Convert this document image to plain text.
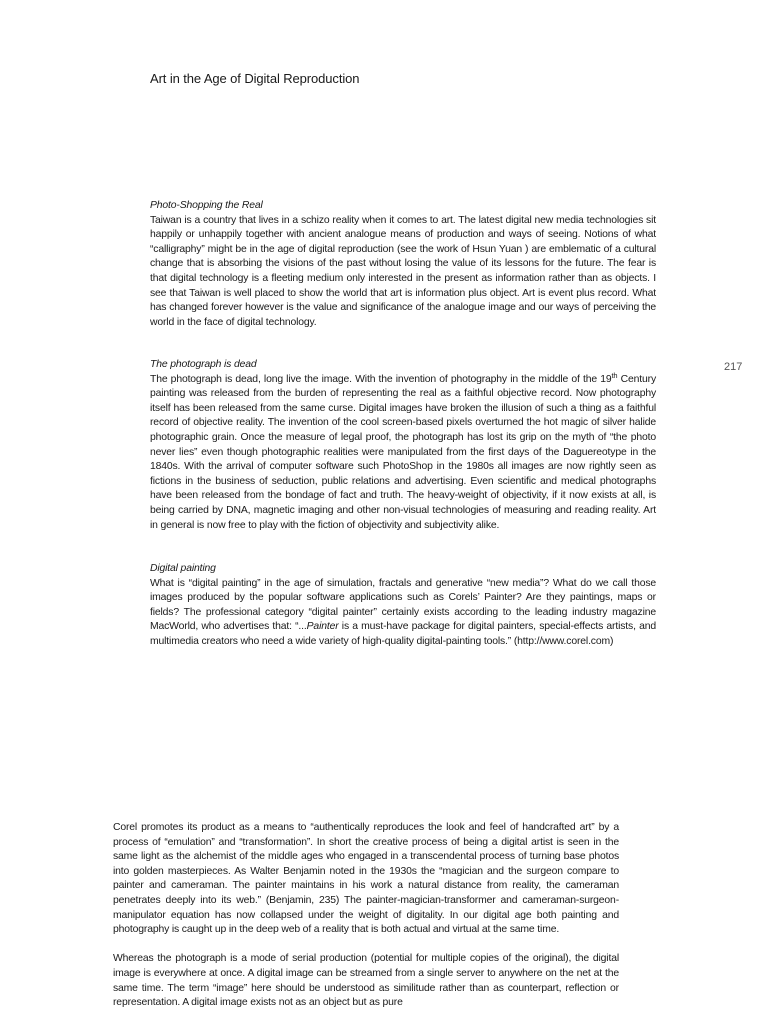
Art in the Age of Digital Reproduction
217
Photo-Shopping the Real

Taiwan is a country that lives in a schizo reality when it comes to art. The latest digital new media technologies sit happily or unhappily together with ancient analogue means of production and ways of seeing. Notions of what “calligraphy” might be in the age of digital reproduction (see the work of Hsun Yuan ) are emblematic of a cultural change that is absorbing the visions of the past without losing the value of its lessons for the future. The fear is that digital technology is a fleeting medium only interested in the present as information rather than as objects. I see that Taiwan is well placed to show the world that art is information plus object. Art is event plus record. What has changed forever however is the value and significance of the analogue image and our ways of perceiving the world in the face of digital technology.

The photograph is dead

The photograph is dead, long live the image. With the invention of photography in the middle of the 19th Century painting was released from the burden of representing the real as a faithful objective record. Now photography itself has been released from the same curse. Digital images have broken the illusion of such a thing as a faithful record of objective reality. The invention of the cool screen-based pixels overturned the hot magic of silver halide photographic grain. Once the measure of legal proof, the photograph has lost its grip on the myth of “the photo never lies” even though photographic realities were manipulated from the first days of the Daguereotype in the 1840s. With the arrival of computer software such PhotoShop in the 1980s all images are now rightly seen as fictions in the business of seduction, public relations and advertising. Even scientific and medical photographs have been released from the bondage of fact and truth. The heavy-weight of objectivity, if it now exists at all, is being carried by DNA, magnetic imaging and other non-visual technologies of measuring and reading reality. Art in general is now free to play with the fiction of objectivity and subjectivity alike.

Digital painting

What is “digital painting” in the age of simulation, fractals and generative “new media”? What do we call those images produced by the popular software applications such as Corels’ Painter? Are they paintings, maps or fields? The professional category “digital painter” certainly exists according to the leading industry magazine MacWorld, who advertises that: “...Painter is a must-have package for digital painters, special-effects artists, and multimedia creators who need a wide variety of high-quality digital-painting tools.” (http://www.corel.com)

Corel promotes its product as a means to “authentically reproduces the look and feel of handcrafted art” by a process of “emulation” and “transformation”. In short the creative process of being a digital artist is seen in the same light as the alchemist of the middle ages who engaged in a transcendental process of turning base photos into golden masterpieces. As Walter Benjamin noted in the 1930s the “magician and the surgeon compare to painter and cameraman. The painter maintains in his work a natural distance from reality, the cameraman penetrates deeply into its web.” (Benjamin, 235) The painter-magician-transformer and cameraman-surgeon-manipulator equation has now collapsed under the weight of digitality. In our digital age both painting and photography is caught up in the deep web of a reality that is both actual and virtual at the same time.

Whereas the photograph is a mode of serial production (potential for multiple copies of the original), the digital image is everywhere at once. A digital image can be streamed from a single server to anywhere on the net at the same time. The term “image” here should be understood as similitude rather than as counterpart, reflection or representation. A digital image exists not as an object but as pure
